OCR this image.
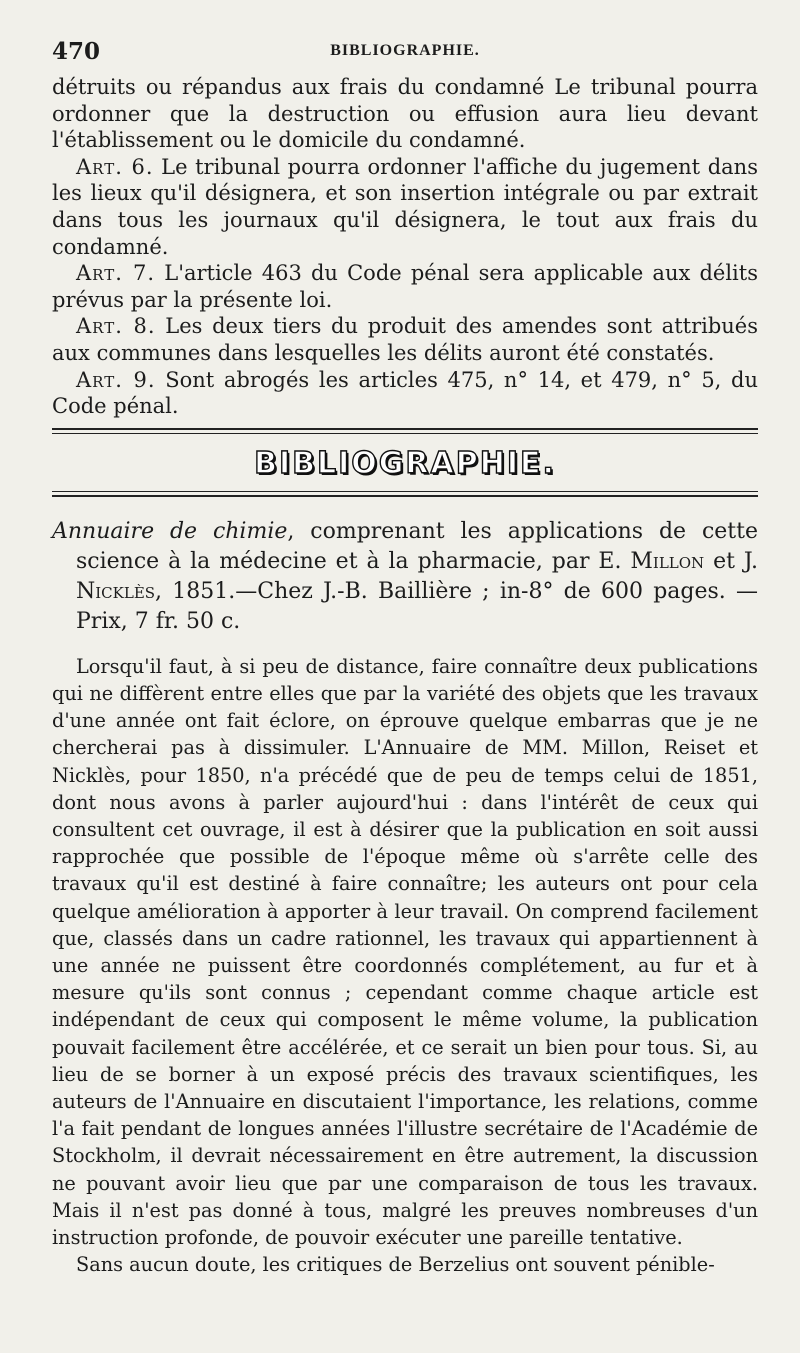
470	BIBLIOGRAPHIE.

détruits ou répandus aux frais du condamné Le tribunal pourra ordonner que la destruction ou effusion aura lieu devant l'établissement ou le domicile du condamné.

Art. 6. Le tribunal pourra ordonner l'affiche du jugement dans les lieux qu'il désignera, et son insertion intégrale ou par extrait dans tous les journaux qu'il désignera, le tout aux frais du condamné.

Art. 7. L'article 463 du Code pénal sera applicable aux délits prévus par la présente loi.

Art. 8. Les deux tiers du produit des amendes sont attribués aux communes dans lesquelles les délits auront été constatés.

Art. 9. Sont abrogés les articles 475, n° 14, et 479, n° 5, du Code pénal.

BIBLIOGRAPHIE.

Annuaire de chimie, comprenant les applications de cette science à la médecine et à la pharmacie, par E. Millon et J. Nicklès, 1851.—Chez J.-B. Baillière ; in-8° de 600 pages. — Prix, 7 fr. 50 c.

Lorsqu'il faut, à si peu de distance, faire connaître deux publications qui ne diffèrent entre elles que par la variété des objets que les travaux d'une année ont fait éclore, on éprouve quelque embarras que je ne chercherai pas à dissimuler. L'Annuaire de MM. Millon, Reiset et Nicklès, pour 1850, n'a précédé que de peu de temps celui de 1851, dont nous avons à parler aujourd'hui : dans l'intérêt de ceux qui consultent cet ouvrage, il est à désirer que la publication en soit aussi rapprochée que possible de l'époque même où s'arrête celle des travaux qu'il est destiné à faire connaître; les auteurs ont pour cela quelque amélioration à apporter à leur travail. On comprend facilement que, classés dans un cadre rationnel, les travaux qui appartiennent à une année ne puissent être coordonnés complétement, au fur et à mesure qu'ils sont connus ; cependant comme chaque article est indépendant de ceux qui composent le même volume, la publication pouvait facilement être accélérée, et ce serait un bien pour tous. Si, au lieu de se borner à un exposé précis des travaux scientifiques, les auteurs de l'Annuaire en discutaient l'importance, les relations, comme l'a fait pendant de longues années l'illustre secrétaire de l'Académie de Stockholm, il devrait nécessairement en être autrement, la discussion ne pouvant avoir lieu que par une comparaison de tous les travaux. Mais il n'est pas donné à tous, malgré les preuves nombreuses d'un instruction profonde, de pouvoir exécuter une pareille tentative.

Sans aucun doute, les critiques de Berzelius ont souvent pénible-
